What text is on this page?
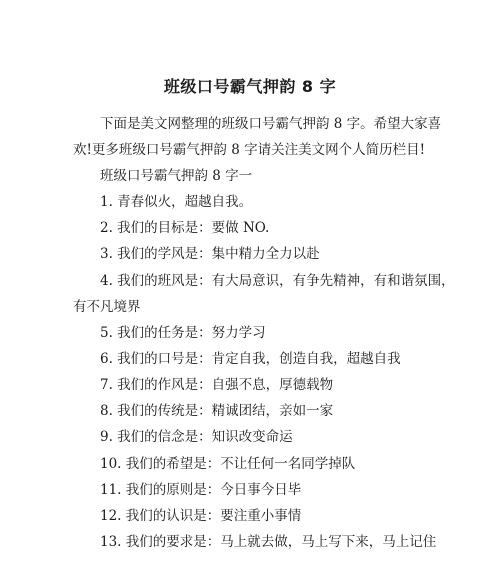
班级口号霸气押韵 8 字
下面是美文网整理的班级口号霸气押韵 8 字。希望大家喜
欢!更多班级口号霸气押韵 8 字请关注美文网个人简历栏目!
班级口号霸气押韵 8 字一
1. 青春似火，超越自我。
2. 我们的目标是：要做 NO.
3. 我们的学风是：集中精力全力以赴
4. 我们的班风是：有大局意识，有争先精神，有和谐氛围，
有不凡境界
5. 我们的任务是：努力学习
6. 我们的口号是：肯定自我，创造自我，超越自我
7. 我们的作风是：自强不息，厚德载物
8. 我们的传统是：精诚团结，亲如一家
9. 我们的信念是：知识改变命运
10. 我们的希望是：不让任何一名同学掉队
11. 我们的原则是：今日事今日毕
12. 我们的认识是：要注重小事情
13. 我们的要求是：马上就去做，马上写下来，马上记住
